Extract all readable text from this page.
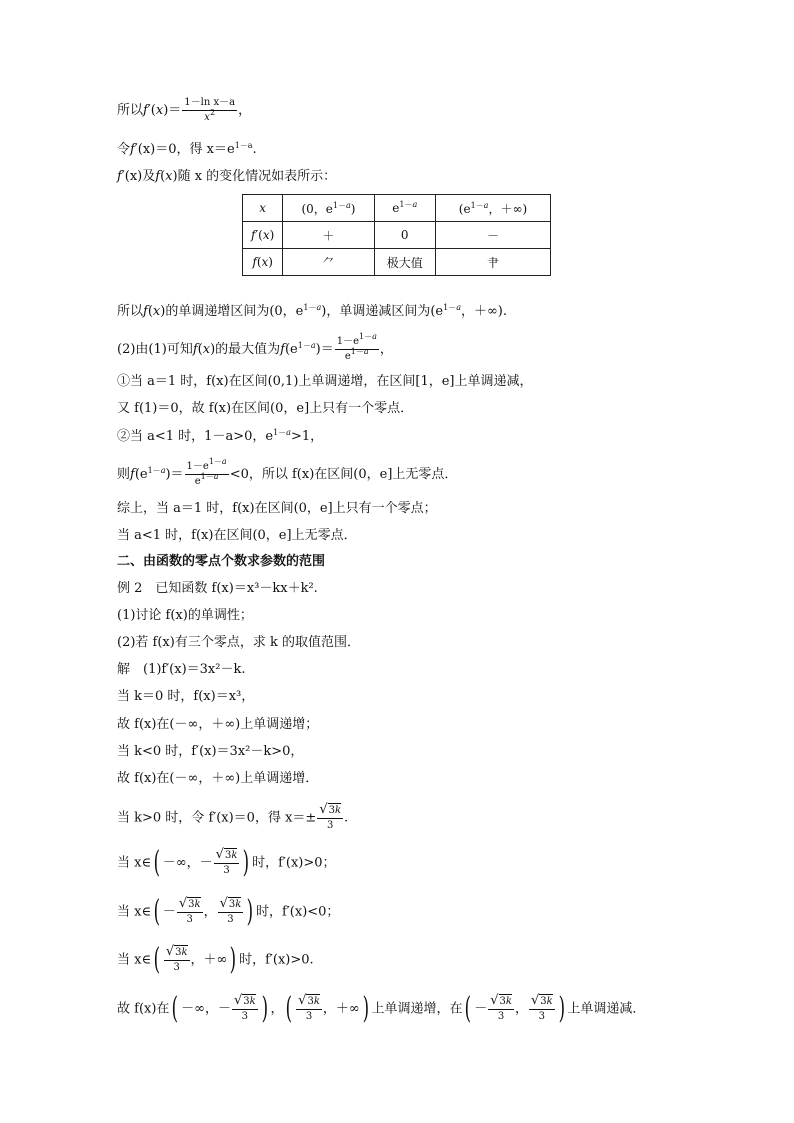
所以$f'(x)= \frac{\text{1－ln x－a}}{x^2}$ ，
令f′(x)＝0，得 $x=e^{1-a}$.
f′(x)及f(x)随 x 的变化情况如表所示：
x	(0，$e^{1-a}$)	$e^{1-a}$	($e^{1-a}$，＋∞)
f′(x)	＋	0	－
f(x)	⺈	极大值	⺺
所以f(x)的单调递增区间为(0，$e^{1-a}$)，单调递减区间为($e^{1-a}$，＋∞).
(2)由(1)可知f(x)的最大值为$f(e^{1-a})= \frac{1-e^{1-a}}{e^{1-a}}$ ，
①当 a＝1 时，f(x)在区间(0,1)上单调递增，在区间[1，e]上单调递减，
又 f(1)＝0，故 f(x)在区间(0，e]上只有一个零点．
②当 a<1 时，1－a>0，$e^{1-a}>1$，
则$f(e^{1-a})= \frac{1-e^{1-a}}{e^{1-a}} <0$，所以 f(x)在区间(0，e]上无零点．
综上，当 a＝1 时，f(x)在区间(0，e]上只有一个零点；
当 a<1 时，f(x)在区间(0，e]上无零点．
二、由函数的零点个数求参数的范围
例 2　已知函数 f(x)＝x³－kx＋k².
(1)讨论 f(x)的单调性；
(2)若 f(x)有三个零点，求 k 的取值范围．
解　(1)f′(x)＝3x²－k.
当 k＝0 时，f(x)＝x³，
故 f(x)在(－∞，＋∞)上单调递增；
当 k<0 时，f′(x)＝3x²－k>0，
故 f(x)在(－∞，＋∞)上单调递增．
当 k>0 时，令 f′(x)＝0，得 $x=\pm \frac{√3k}{3}$ .
当 x∈( －∞，－ $\frac{√3k}{3}$ ) 时，f′(x)>0；
当 x∈( － $\frac{√3k}{3}$ ， $\frac{√3k}{3}$ ) 时，f′(x)<0；
当 x∈( $\frac{√3k}{3}$ ，＋∞) 时，f′(x)>0.
故 f(x)在( －∞，－ $\frac{√3k}{3}$ ) ，( $\frac{√3k}{3}$ ，＋∞) 上单调递增，在( － $\frac{√3k}{3}$ ， $\frac{√3k}{3}$ ) 上单调递减．
